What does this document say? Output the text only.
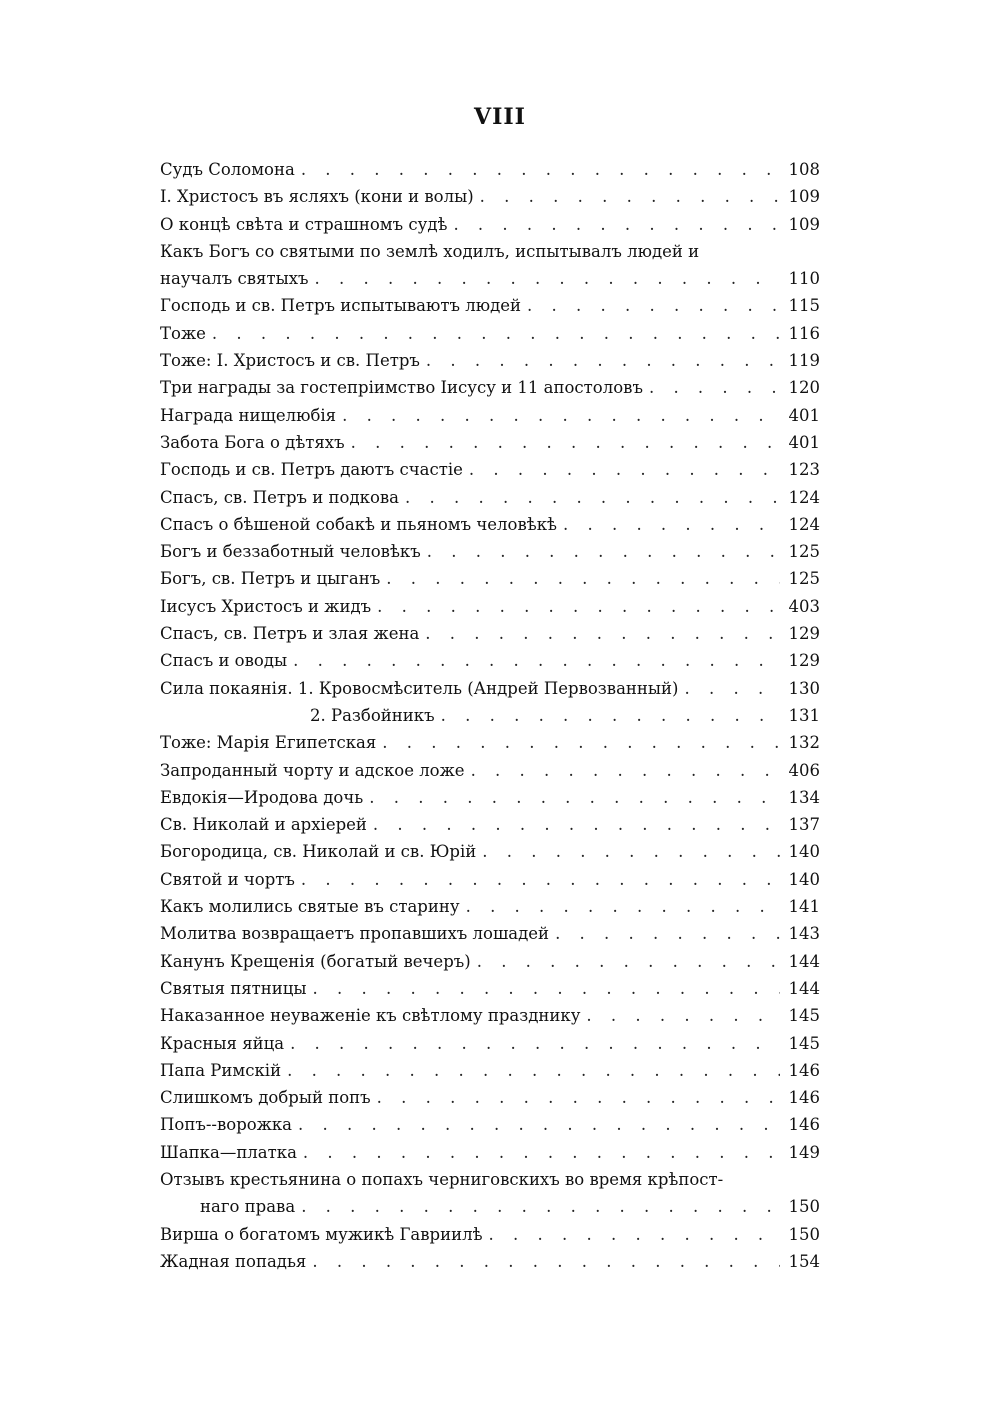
VIII
Судъ Соломона . . .	108
I. Христосъ въ ясляхъ (кони и волы) . . .	109
О концѣ свѣта и страшномъ судѣ . . .	109
Какъ Богъ со святыми по землѣ ходилъ, испытывалъ людей и
научалъ святыхъ . . .	110
Господь и св. Петръ испытываютъ людей . . .	115
Тоже . . .	116
Тоже: I. Христосъ и св. Петръ . . .	119
Три награды за гостепріимство Іисусу и 11 апостоловъ . . .	120
Награда нищелюбія . . .	401
Забота Бога о дѣтяхъ . . .	401
Господь и св. Петръ даютъ счастіе . . .	123
Спасъ, св. Петръ и подкова . . .	124
Спасъ о бѣшеной собакѣ и пьяномъ человѣкѣ . . .	124
Богъ и беззаботный человѣкъ . . .	125
Богъ, св. Петръ и цыганъ . . .	125
Іисусъ Христосъ и жидъ . . .	403
Спасъ, св. Петръ и злая жена . . .	129
Спасъ и оводы . . .	129
Сила покаянія. 1. Кровосмѣситель (Андрей Первозванный) . . .	130
2. Разбойникъ . . .	131
Тоже: Марія Египетская . . .	132
Запроданный чорту и адское ложе . . .	406
Евдокія—Иродова дочь . . .	134
Св. Николай и архіерей . . .	137
Богородица, св. Николай и св. Юрій . . .	140
Святой и чортъ . . .	140
Какъ молились святые въ старину . . .	141
Молитва возвращаетъ пропавшихъ лошадей . . .	143
Канунъ Крещенія (богатый вечеръ) . . .	144
Святыя пятницы . . .	144
Наказанное неуваженіе къ свѣтлому празднику . . .	145
Красныя яйца . . .	145
Папа Римскій . . .	146
Слишкомъ добрый попъ . . .	146
Попъ--ворожка . . .	146
Шапка—платка . . .	149
Отзывъ крестьянина о попахъ черниговскихъ во время крѣпост-
наго права . . .	150
Вирша о богатомъ мужикѣ Гавриилѣ . . .	150
Жадная попадья . . .	154
